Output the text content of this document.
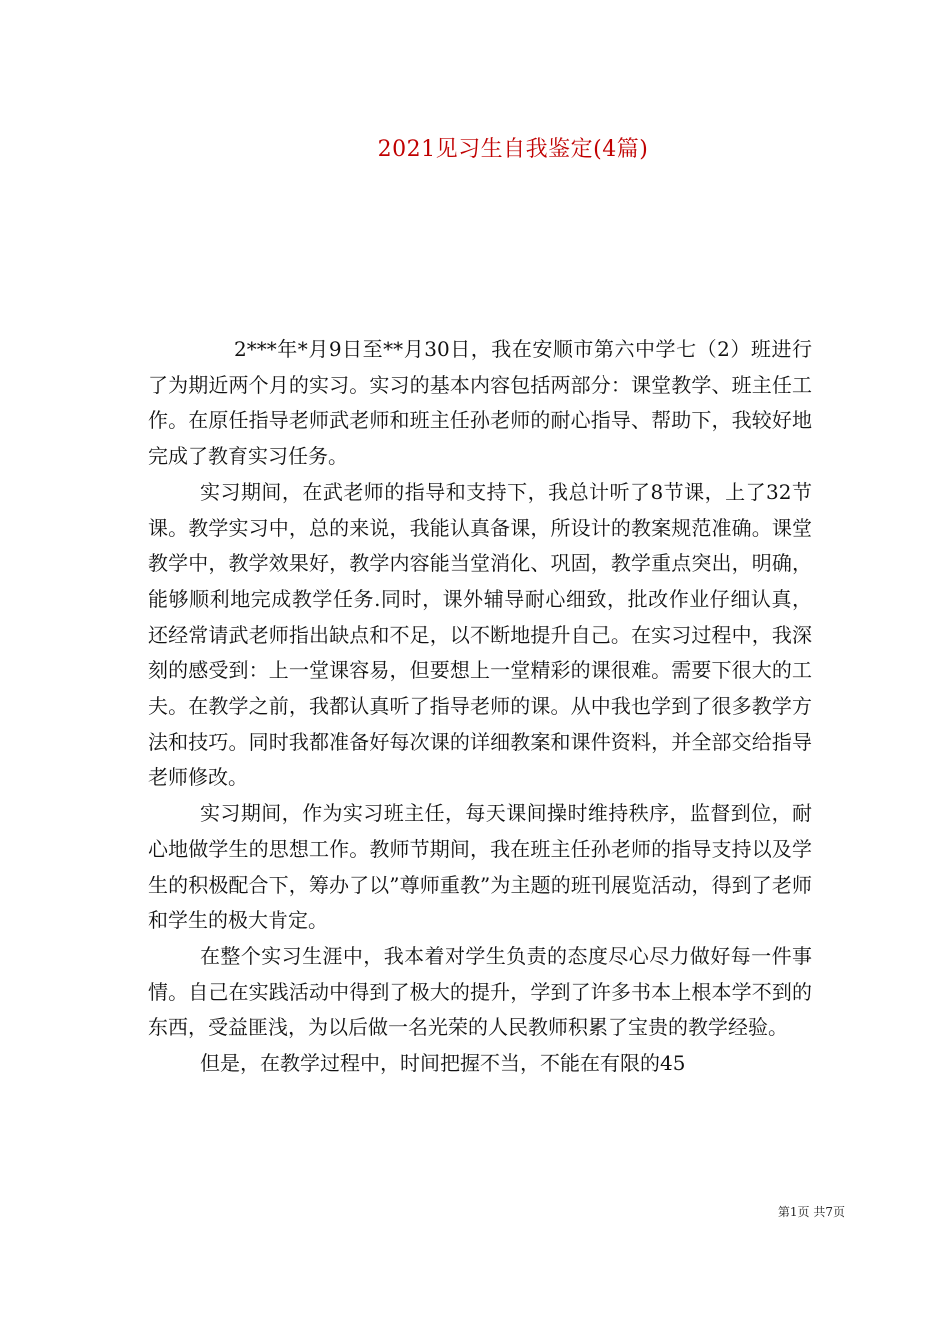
2021见习生自我鉴定(4篇)

2***年*月9日至**月30日，我在安顺市第六中学七（2）班进行了为期近两个月的实习。实习的基本内容包括两部分：课堂教学、班主任工作。在原任指导老师武老师和班主任孙老师的耐心指导、帮助下，我较好地完成了教育实习任务。

实习期间，在武老师的指导和支持下，我总计听了8节课，上了32节课。教学实习中，总的来说，我能认真备课，所设计的教案规范准确。课堂教学中，教学效果好，教学内容能当堂消化、巩固，教学重点突出，明确，能够顺利地完成教学任务.同时，课外辅导耐心细致，批改作业仔细认真，还经常请武老师指出缺点和不足，以不断地提升自己。在实习过程中，我深刻的感受到：上一堂课容易，但要想上一堂精彩的课很难。需要下很大的工夫。在教学之前，我都认真听了指导老师的课。从中我也学到了很多教学方法和技巧。同时我都准备好每次课的详细教案和课件资料，并全部交给指导老师修改。

实习期间，作为实习班主任，每天课间操时维持秩序，监督到位，耐心地做学生的思想工作。教师节期间，我在班主任孙老师的指导支持以及学生的积极配合下，筹办了以”尊师重教”为主题的班刊展览活动，得到了老师和学生的极大肯定。

在整个实习生涯中，我本着对学生负责的态度尽心尽力做好每一件事情。自己在实践活动中得到了极大的提升，学到了许多书本上根本学不到的东西，受益匪浅，为以后做一名光荣的人民教师积累了宝贵的教学经验。

但是，在教学过程中，时间把握不当，不能在有限的45

第1页 共7页
